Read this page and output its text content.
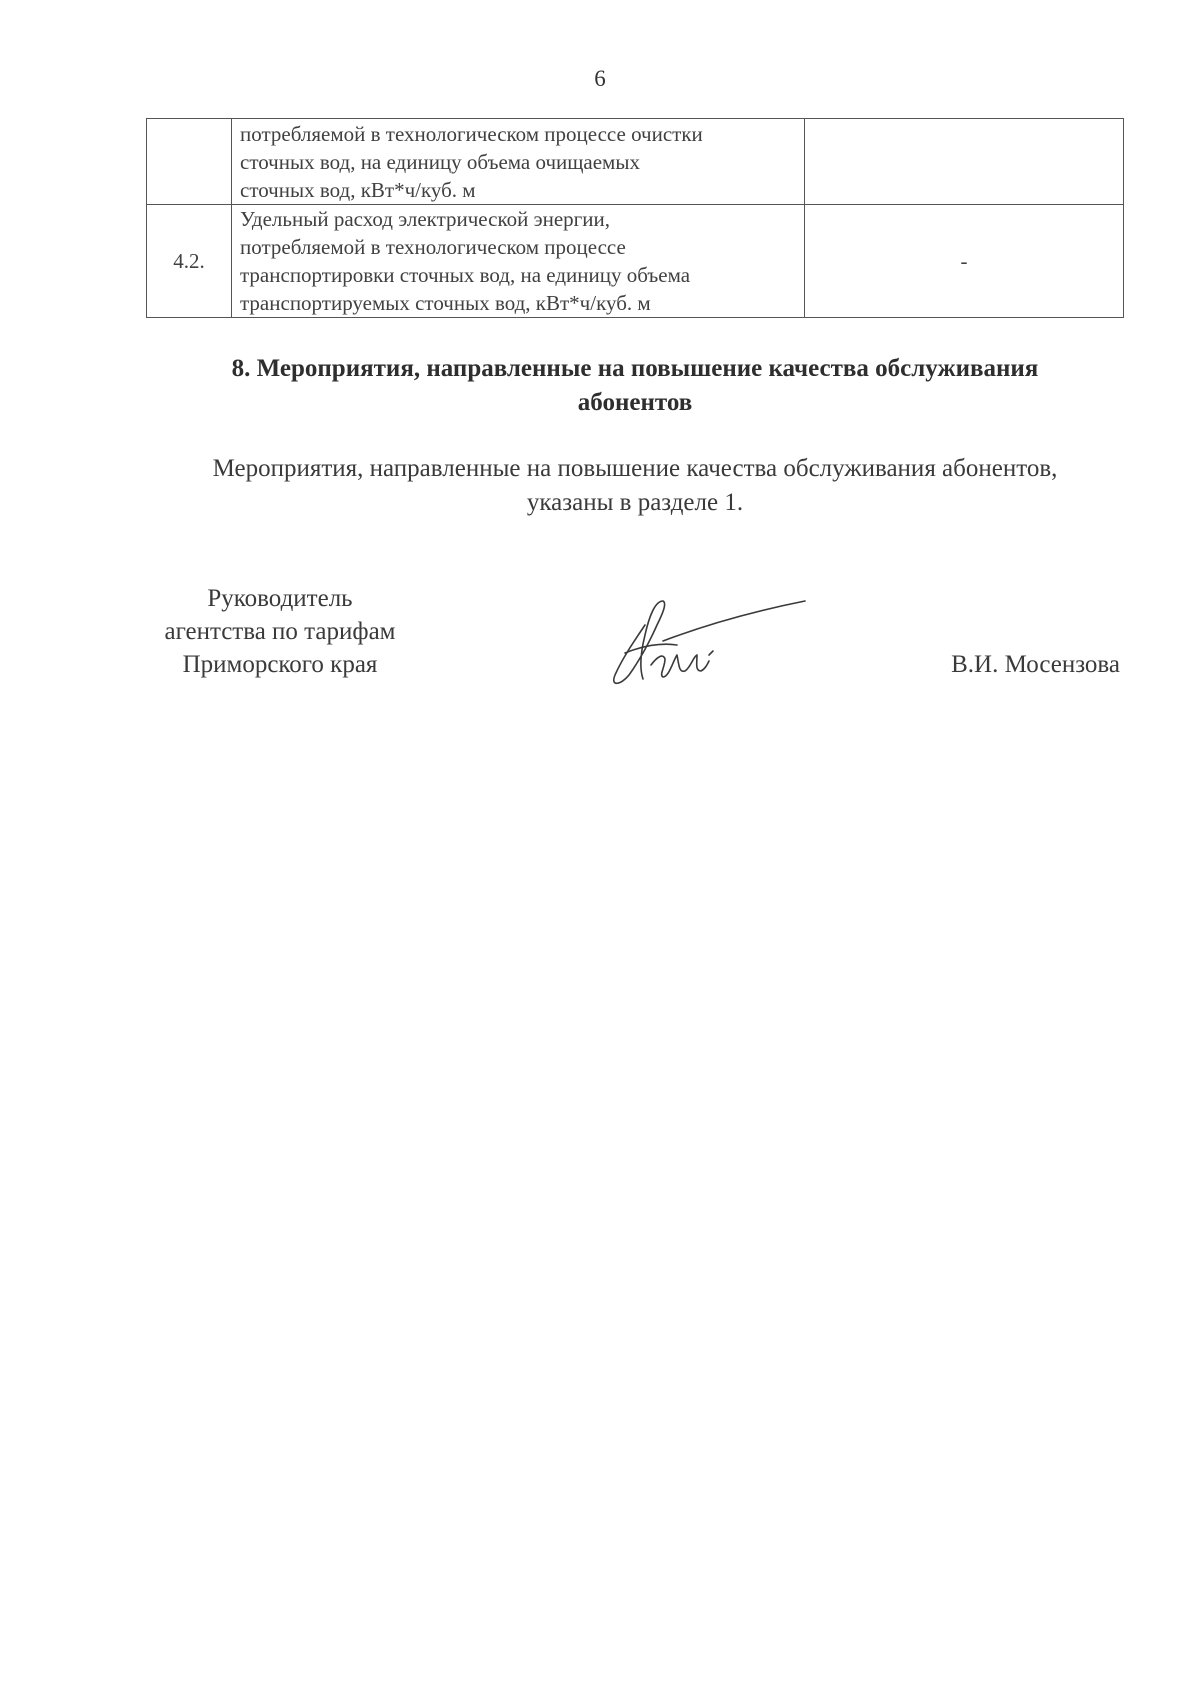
6

	потребляемой в технологическом процессе очистки
сточных вод, на единицу объема очищаемых
сточных вод, кВт*ч/куб. м	

4.2.	Удельный расход электрической энергии,
потребляемой в технологическом процессе
транспортировки сточных вод, на единицу объема
транспортируемых сточных вод, кВт*ч/куб. м	-
8. Мероприятия, направленные на повышение качества обслуживания
абонентов
Мероприятия, направленные на повышение качества обслуживания абонентов,
указаны в разделе 1.
Руководитель
агентства по тарифам
Приморского края	В.И. Мосензова
